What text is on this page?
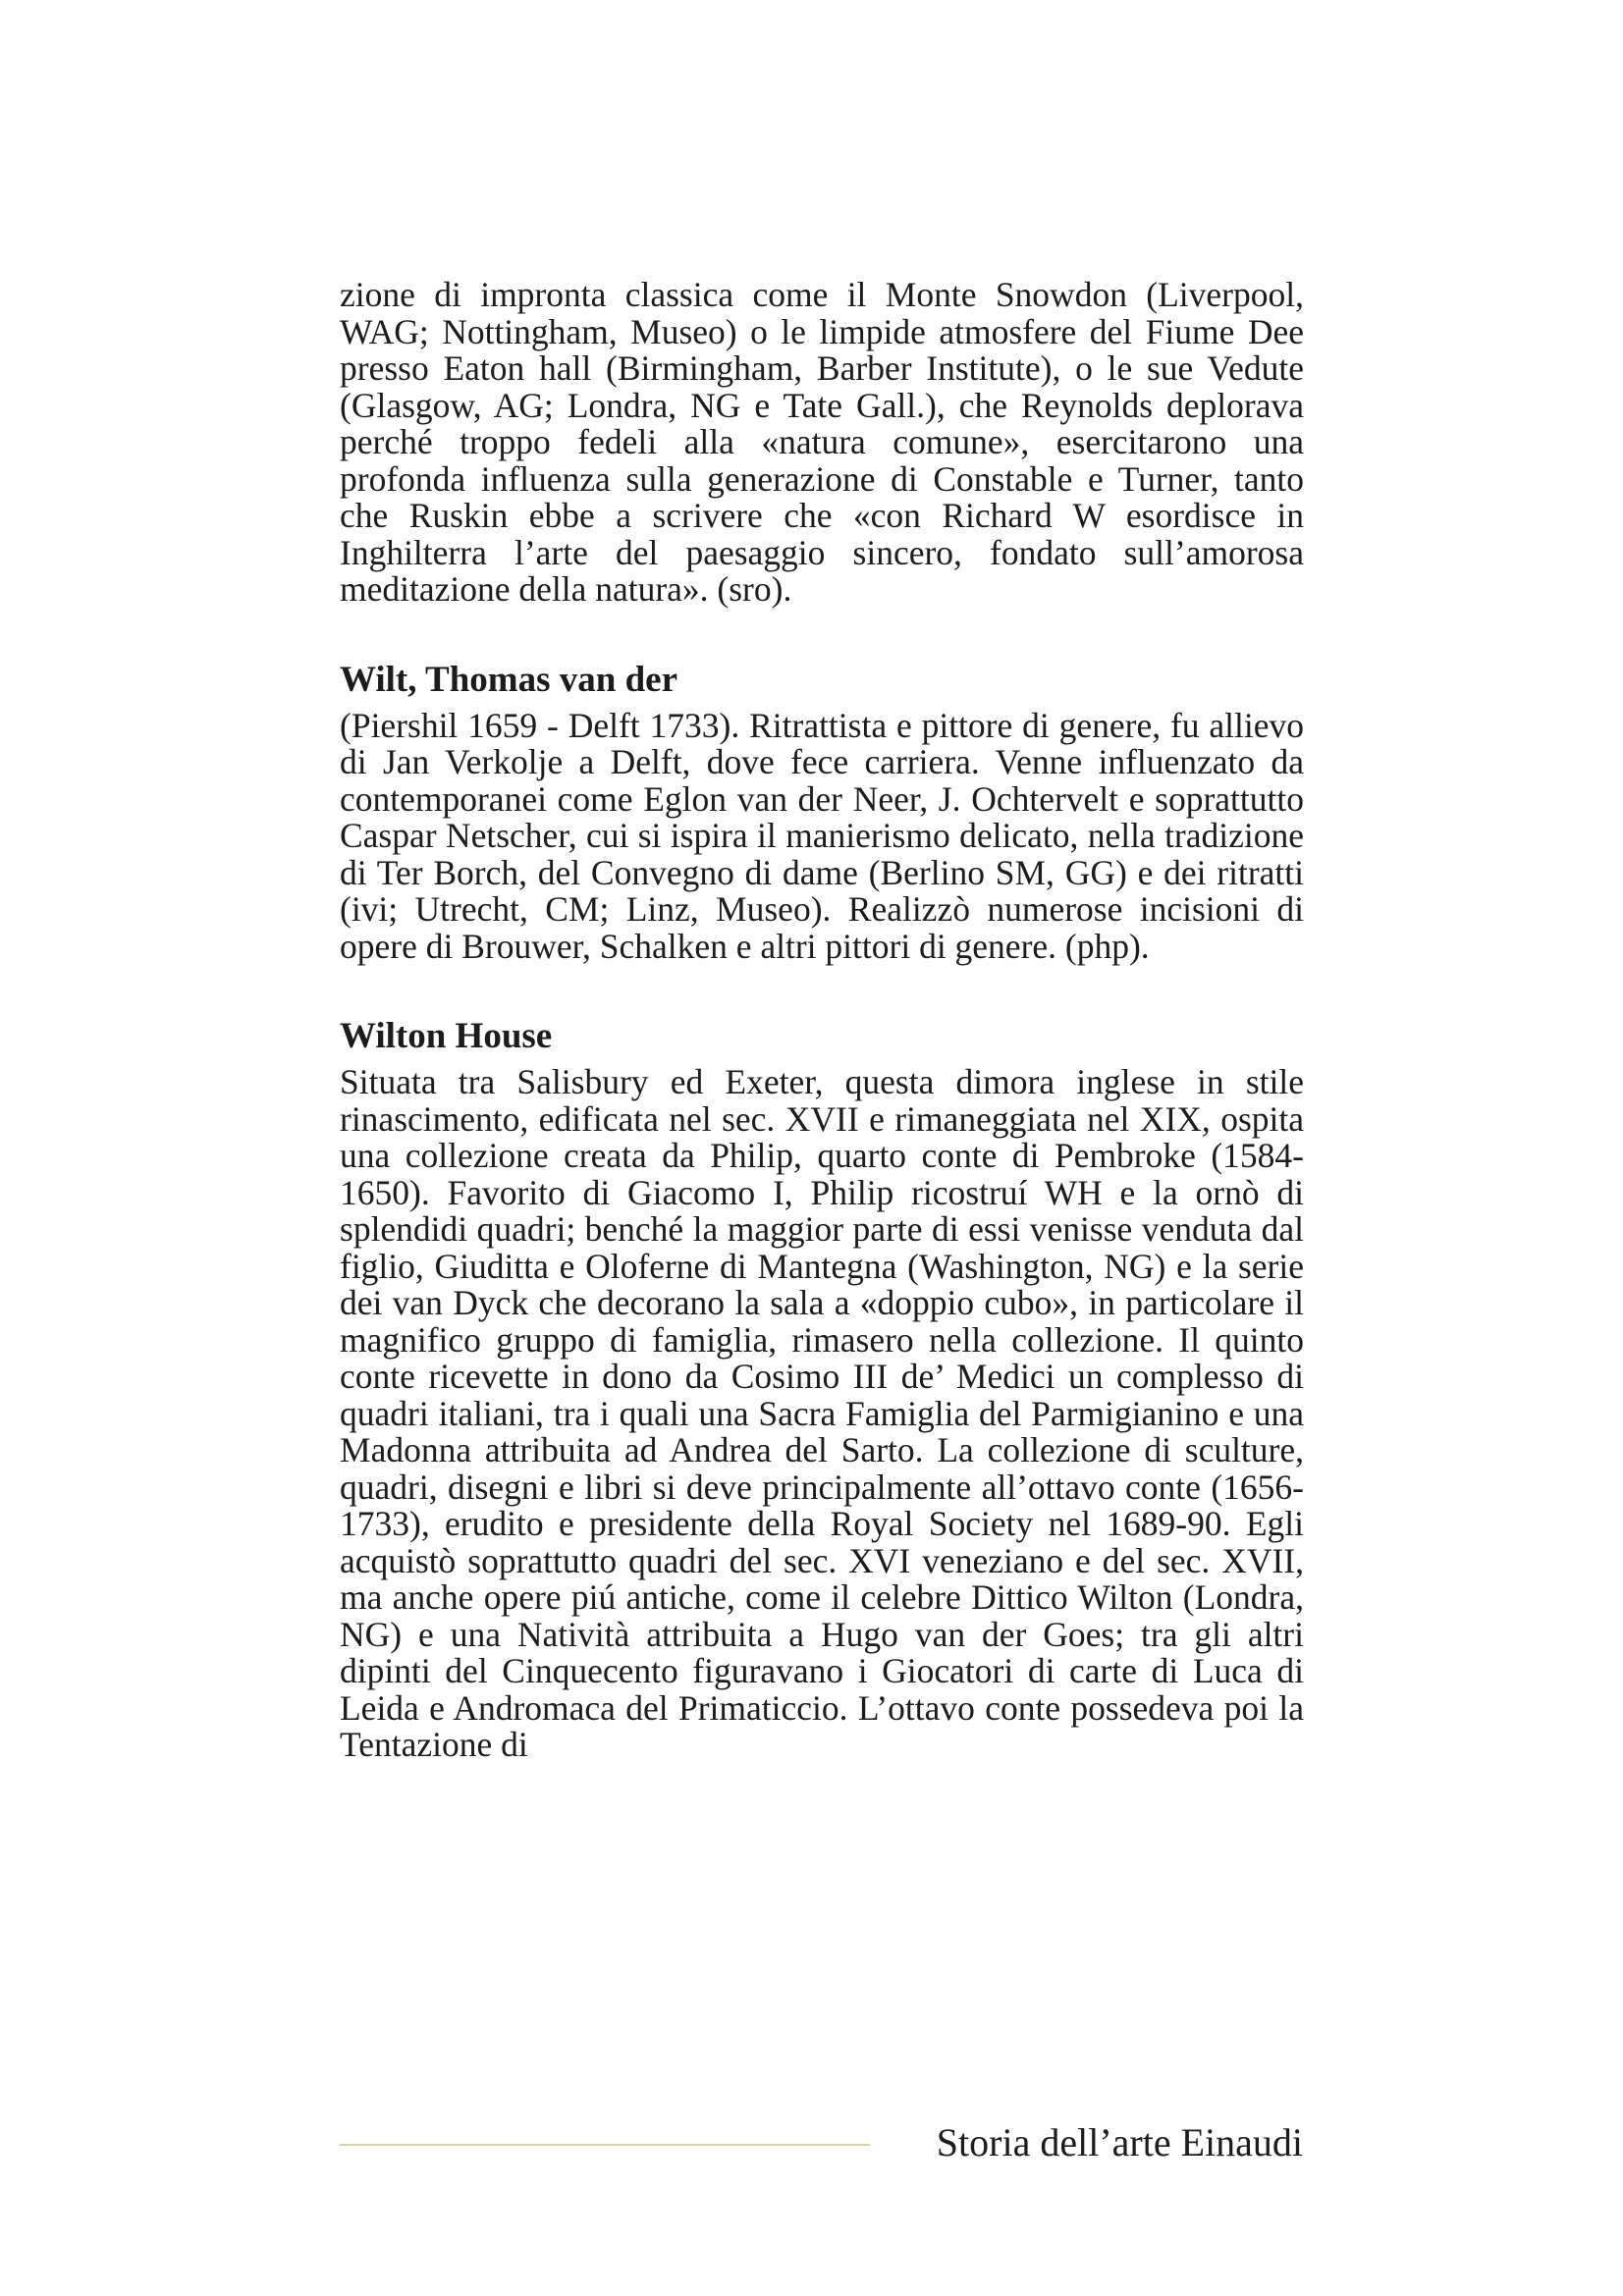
zione di impronta classica come il Monte Snowdon (Liverpool, WAG; Nottingham, Museo) o le limpide atmosfere del Fiume Dee presso Eaton hall (Birmingham, Barber Institute), o le sue Vedute (Glasgow, AG; Londra, NG e Tate Gall.), che Reynolds deplorava perché troppo fedeli alla «natura comune», esercitarono una profonda influenza sulla generazione di Constable e Turner, tanto che Ruskin ebbe a scrivere che «con Richard W esordisce in Inghilterra l’arte del paesaggio sincero, fondato sull’amorosa meditazione della natura». (sro).

Wilt, Thomas van der

(Piershil 1659 - Delft 1733). Ritrattista e pittore di genere, fu allievo di Jan Verkolje a Delft, dove fece carriera. Venne influenzato da contemporanei come Eglon van der Neer, J. Ochtervelt e soprattutto Caspar Netscher, cui si ispira il manierismo delicato, nella tradizione di Ter Borch, del Convegno di dame (Berlino SM, GG) e dei ritratti (ivi; Utrecht, CM; Linz, Museo). Realizzò numerose incisioni di opere di Brouwer, Schalken e altri pittori di genere. (php).

Wilton House

Situata tra Salisbury ed Exeter, questa dimora inglese in stile rinascimento, edificata nel sec. XVII e rimaneggiata nel XIX, ospita una collezione creata da Philip, quarto conte di Pembroke (1584-1650). Favorito di Giacomo I, Philip ricostruí WH e la ornò di splendidi quadri; benché la maggior parte di essi venisse venduta dal figlio, Giuditta e Oloferne di Mantegna (Washington, NG) e la serie dei van Dyck che decorano la sala a «doppio cubo», in particolare il magnifico gruppo di famiglia, rimasero nella collezione. Il quinto conte ricevette in dono da Cosimo III de’ Medici un complesso di quadri italiani, tra i quali una Sacra Famiglia del Parmigianino e una Madonna attribuita ad Andrea del Sarto. La collezione di sculture, quadri, disegni e libri si deve principalmente all’ottavo conte (1656-1733), erudito e presidente della Royal Society nel 1689-90. Egli acquistò soprattutto quadri del sec. XVI veneziano e del sec. XVII, ma anche opere piú antiche, come il celebre Dittico Wilton (Londra, NG) e una Natività attribuita a Hugo van der Goes; tra gli altri dipinti del Cinquecento figuravano i Giocatori di carte di Luca di Leida e Andromaca del Primaticcio. L’ottavo conte possedeva poi la Tentazione di

Storia dell’arte Einaudi
